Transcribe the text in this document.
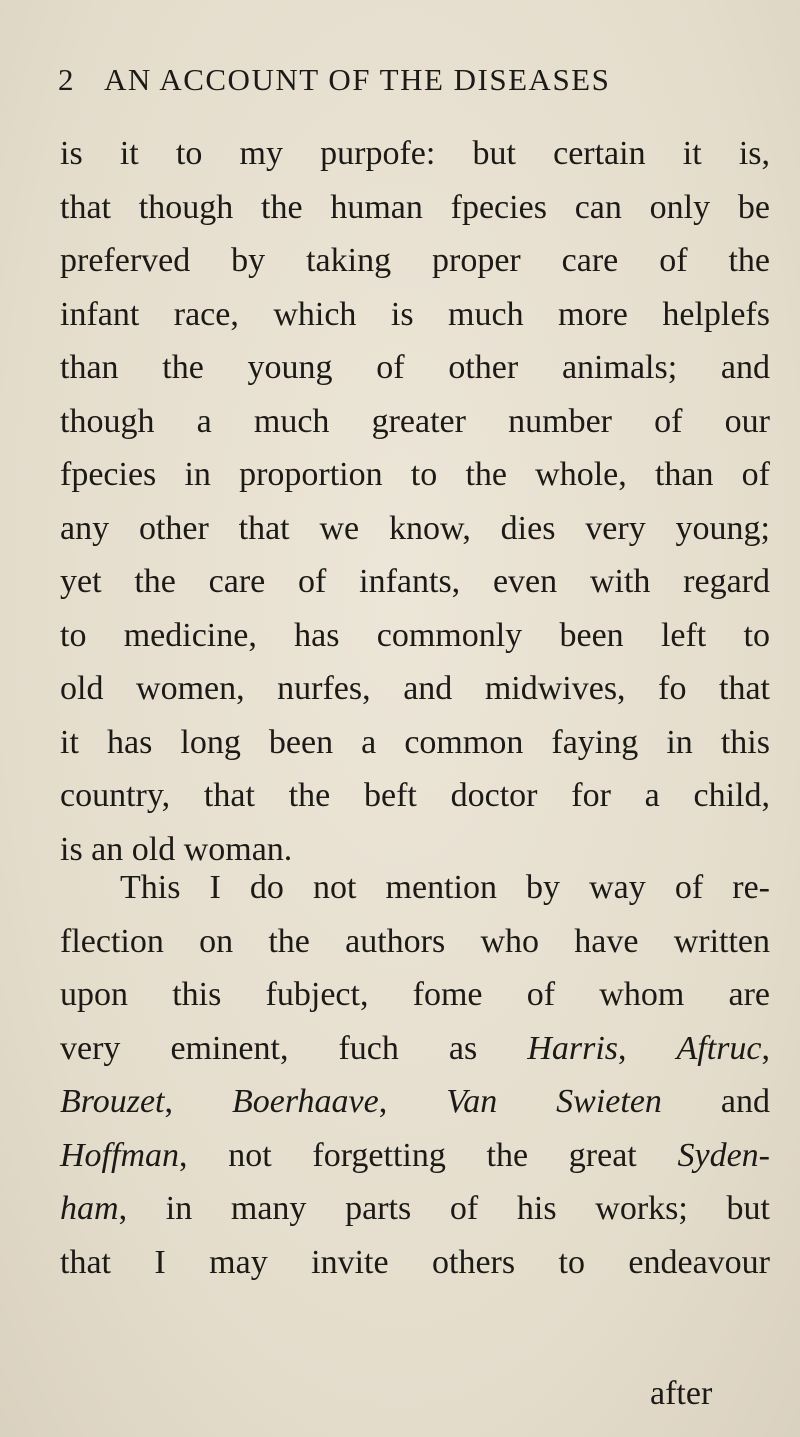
2 AN ACCOUNT OF THE DISEASES
is it to my purpofe: but certain it is,
that though the human fpecies can only be
preferved by taking proper care of the
infant race, which is much more helplefs
than the young of other animals; and
though a much greater number of our
fpecies in proportion to the whole, than of
any other that we know, dies very young;
yet the care of infants, even with regard
to medicine, has commonly been left to
old women, nurfes, and midwives, fo that
it has long been a common faying in this
country, that the beft doctor for a child,
is an old woman.
This I do not mention by way of re-
flection on the authors who have written
upon this fubject, fome of whom are
very eminent, fuch as Harris, Aftruc,
Brouzet, Boerhaave, Van Swieten and
Hoffman, not forgetting the great Syden-
ham, in many parts of his works; but
that I may invite others to endeavour
after
